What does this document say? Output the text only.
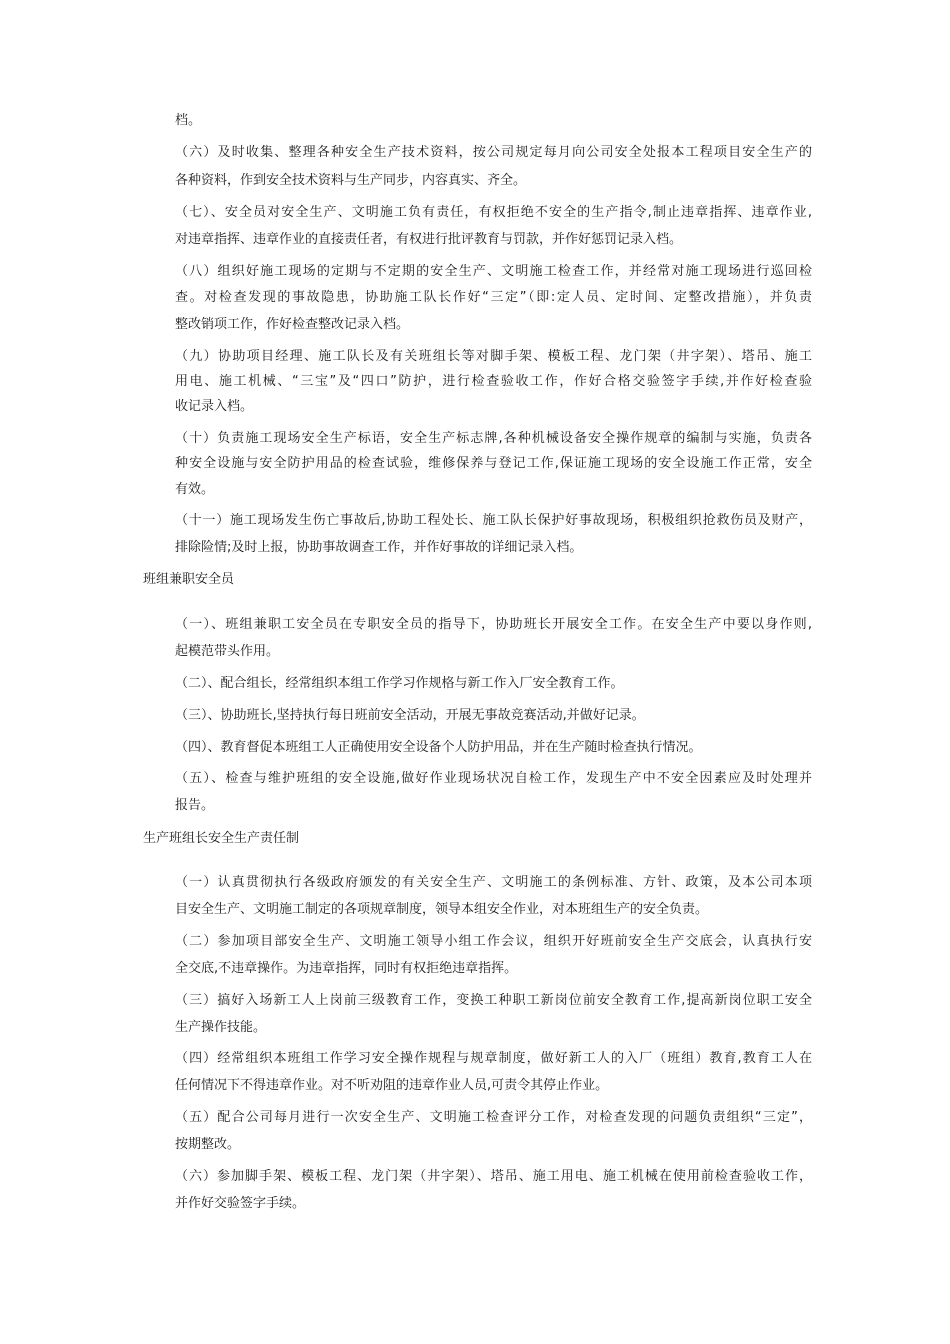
档。
（六）及时收集、整理各种安全生产技术资料，按公司规定每月向公司安全处报本工程项目安全生产的
各种资料，作到安全技术资料与生产同步，内容真实、齐全。
（七）、安全员对安全生产、文明施工负有责任，有权拒绝不安全的生产指令,制止违章指挥、违章作业,
对违章指挥、违章作业的直接责任者，有权进行批评教育与罚款，并作好惩罚记录入档。
（八）组织好施工现场的定期与不定期的安全生产、文明施工检查工作，并经常对施工现场进行巡回检
查。对检查发现的事故隐患，协助施工队长作好“三定”（即:定人员、定时间、定整改措施），并负责
整改销项工作，作好检查整改记录入档。
（九）协助项目经理、施工队长及有关班组长等对脚手架、模板工程、龙门架（井字架）、塔吊、施工
用电、施工机械、“三宝”及“四口”防护，进行检查验收工作，作好合格交验签字手续,并作好检查验
收记录入档。
（十）负责施工现场安全生产标语，安全生产标志牌,各种机械设备安全操作规章的编制与实施，负责各
种安全设施与安全防护用品的检查试验，维修保养与登记工作,保证施工现场的安全设施工作正常，安全
有效。
（十一）施工现场发生伤亡事故后,协助工程处长、施工队长保护好事故现场，积极组织抢救伤员及财产，
排除险情;及时上报，协助事故调查工作，并作好事故的详细记录入档。
班组兼职安全员
（一）、班组兼职工安全员在专职安全员的指导下，协助班长开展安全工作。在安全生产中要以身作则,
起模范带头作用。
（二）、配合组长，经常组织本组工作学习作规格与新工作入厂安全教育工作。
（三）、协助班长,坚持执行每日班前安全活动，开展无事故竞赛活动,并做好记录。
（四）、教育督促本班组工人正确使用安全设备个人防护用品，并在生产随时检查执行情况。
（五）、检查与维护班组的安全设施,做好作业现场状况自检工作，发现生产中不安全因素应及时处理并
报告。
生产班组长安全生产责任制
（一）认真贯彻执行各级政府颁发的有关安全生产、文明施工的条例标准、方针、政策，及本公司本项
目安全生产、文明施工制定的各项规章制度，领导本组安全作业，对本班组生产的安全负责。
（二）参加项目部安全生产、文明施工领导小组工作会议，组织开好班前安全生产交底会，认真执行安
全交底,不违章操作。为违章指挥，同时有权拒绝违章指挥。
（三）搞好入场新工人上岗前三级教育工作，变换工种职工新岗位前安全教育工作,提高新岗位职工安全
生产操作技能。
（四）经常组织本班组工作学习安全操作规程与规章制度，做好新工人的入厂（班组）教育,教育工人在
任何情况下不得违章作业。对不听劝阻的违章作业人员,可责令其停止作业。
（五）配合公司每月进行一次安全生产、文明施工检查评分工作，对检查发现的问题负责组织“三定”，
按期整改。
（六）参加脚手架、模板工程、龙门架（井字架）、塔吊、施工用电、施工机械在使用前检查验收工作，
并作好交验签字手续。
